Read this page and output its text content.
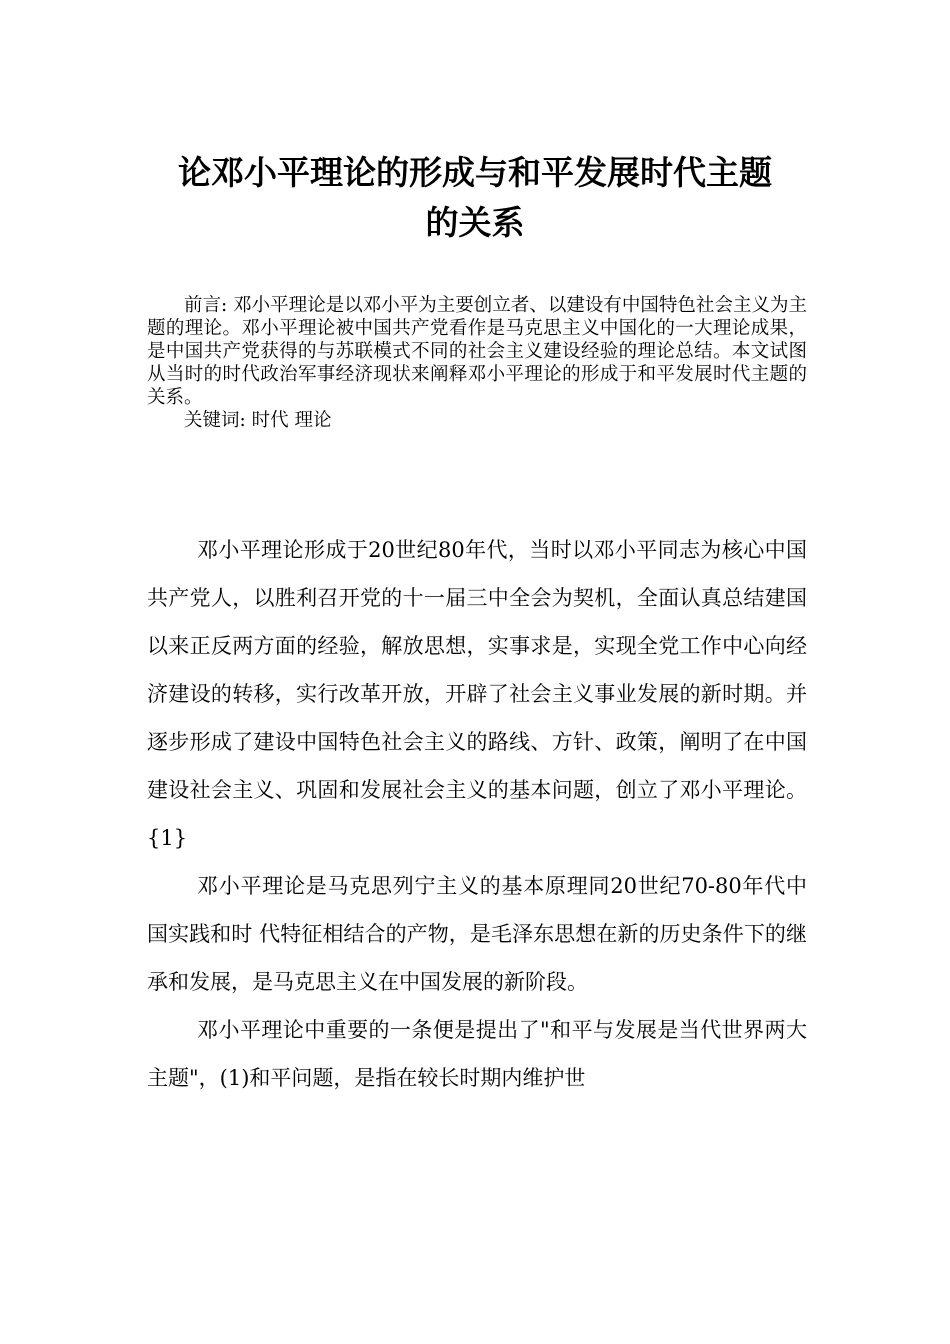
论邓小平理论的形成与和平发展时代主题
的关系

前言: 邓小平理论是以邓小平为主要创立者、以建设有中国特色社会主义为主题的理论。邓小平理论被中国共产党看作是马克思主义中国化的一大理论成果，是中国共产党获得的与苏联模式不同的社会主义建设经验的理论总结。本文试图从当时的时代政治军事经济现状来阐释邓小平理论的形成于和平发展时代主题的关系。

关键词: 时代 理论

邓小平理论形成于20世纪80年代，当时以邓小平同志为核心中国共产党人，以胜利召开党的十一届三中全会为契机，全面认真总结建国以来正反两方面的经验，解放思想，实事求是，实现全党工作中心向经济建设的转移，实行改革开放，开辟了社会主义事业发展的新时期。并逐步形成了建设中国特色社会主义的路线、方针、政策，阐明了在中国建设社会主义、巩固和发展社会主义的基本问题，创立了邓小平理论。{1}

邓小平理论是马克思列宁主义的基本原理同20世纪70-80年代中国实践和时 代特征相结合的产物，是毛泽东思想在新的历史条件下的继承和发展，是马克思主义在中国发展的新阶段。

邓小平理论中重要的一条便是提出了"和平与发展是当代世界两大主题"，(1)和平问题，是指在较长时期内维护世
